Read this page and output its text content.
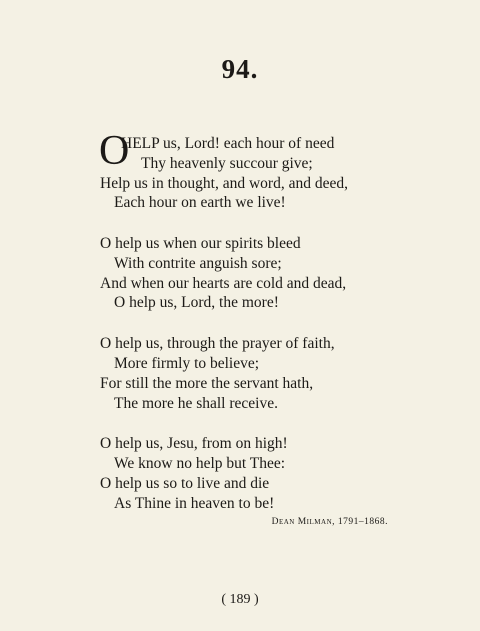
94.
O
HELP us, Lord! each hour of need
Thy heavenly succour give;
Help us in thought, and word, and deed,
Each hour on earth we live!
O help us when our spirits bleed
With contrite anguish sore;
And when our hearts are cold and dead,
O help us, Lord, the more!
O help us, through the prayer of faith,
More firmly to believe;
For still the more the servant hath,
The more he shall receive.
O help us, Jesu, from on high!
We know no help but Thee:
O help us so to live and die
As Thine in heaven to be!
Dean Milman, 1791–1868.
( 189 )
